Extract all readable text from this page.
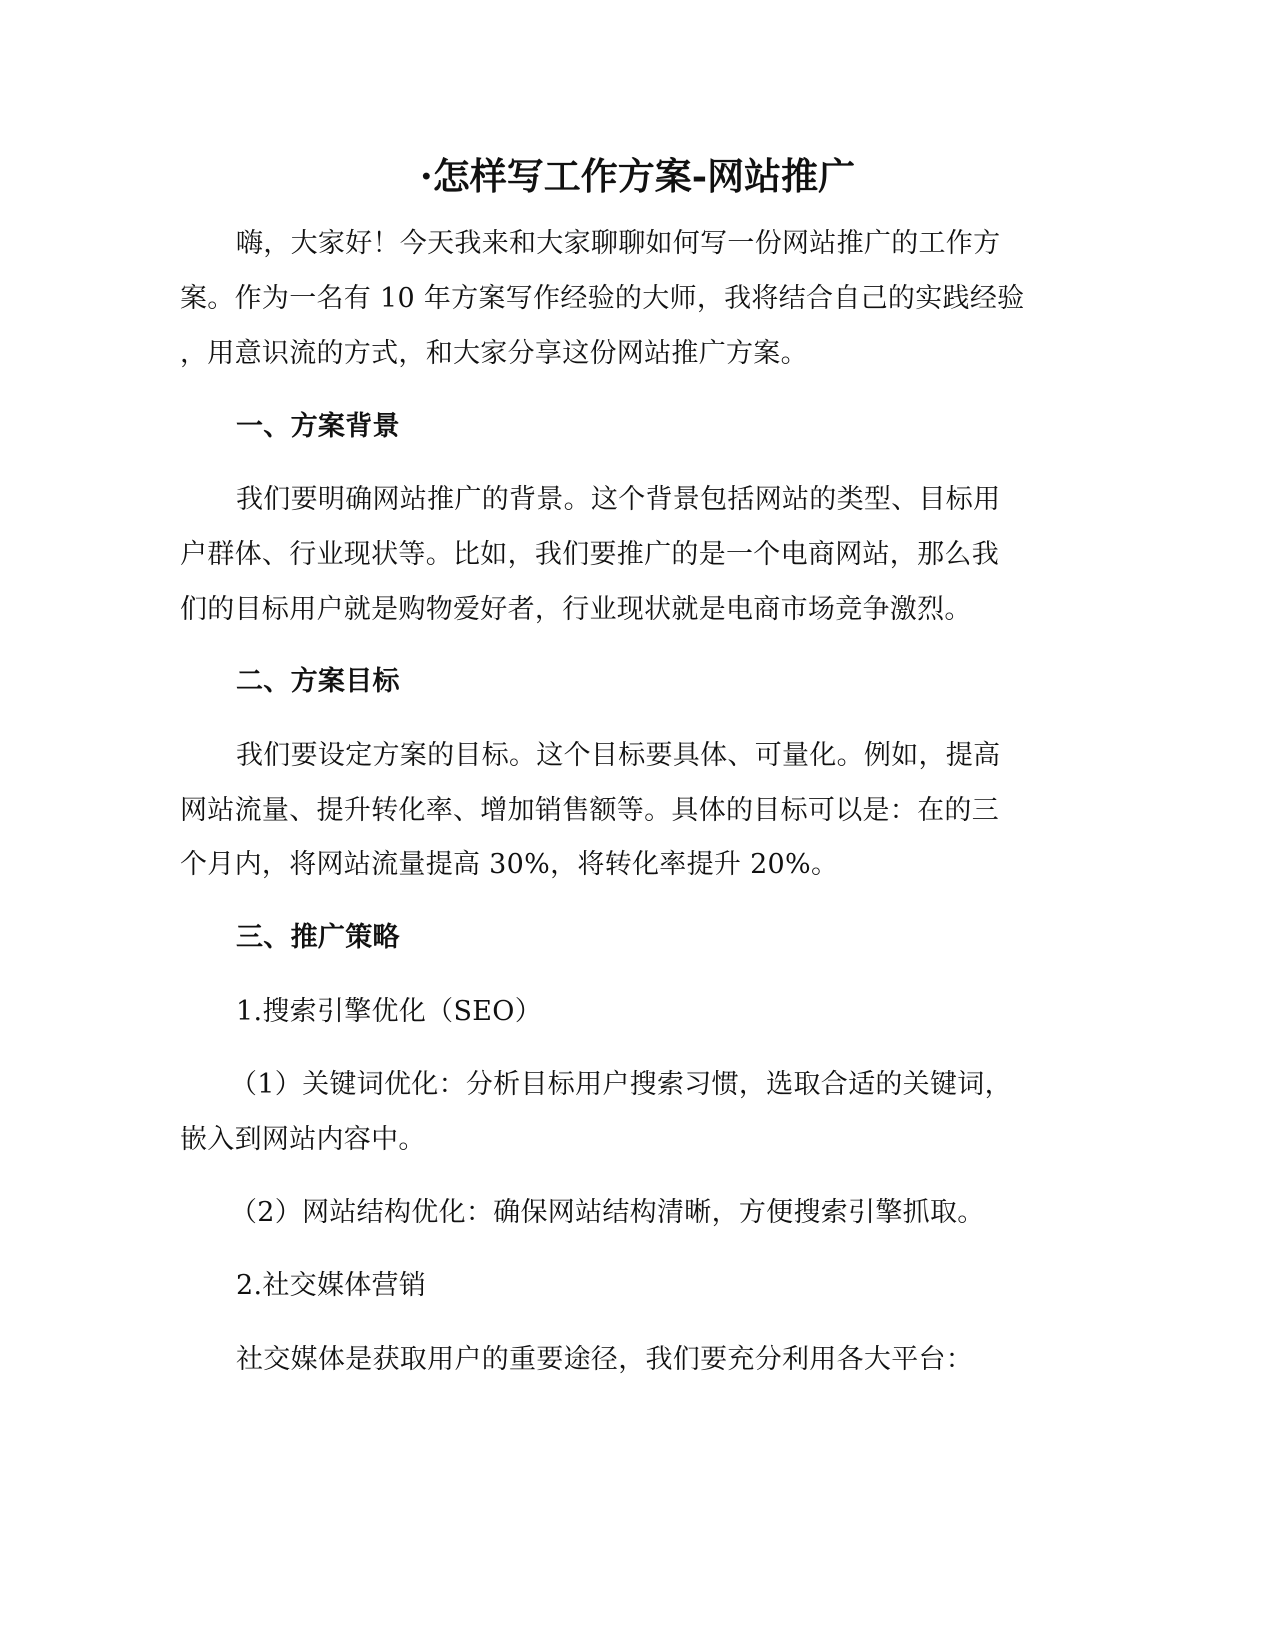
·怎样写工作方案-网站推广
嗨，大家好！今天我来和大家聊聊如何写一份网站推广的工作方
案。作为一名有 10 年方案写作经验的大师，我将结合自己的实践经验
，用意识流的方式，和大家分享这份网站推广方案。
一、方案背景
我们要明确网站推广的背景。这个背景包括网站的类型、目标用
户群体、行业现状等。比如，我们要推广的是一个电商网站，那么我
们的目标用户就是购物爱好者，行业现状就是电商市场竞争激烈。
二、方案目标
我们要设定方案的目标。这个目标要具体、可量化。例如，提高
网站流量、提升转化率、增加销售额等。具体的目标可以是：在的三
个月内，将网站流量提高 30%，将转化率提升 20%。
三、推广策略
1.搜索引擎优化（SEO）
（1）关键词优化：分析目标用户搜索习惯，选取合适的关键词，
嵌入到网站内容中。
（2）网站结构优化：确保网站结构清晰，方便搜索引擎抓取。
2.社交媒体营销
社交媒体是获取用户的重要途径，我们要充分利用各大平台：
